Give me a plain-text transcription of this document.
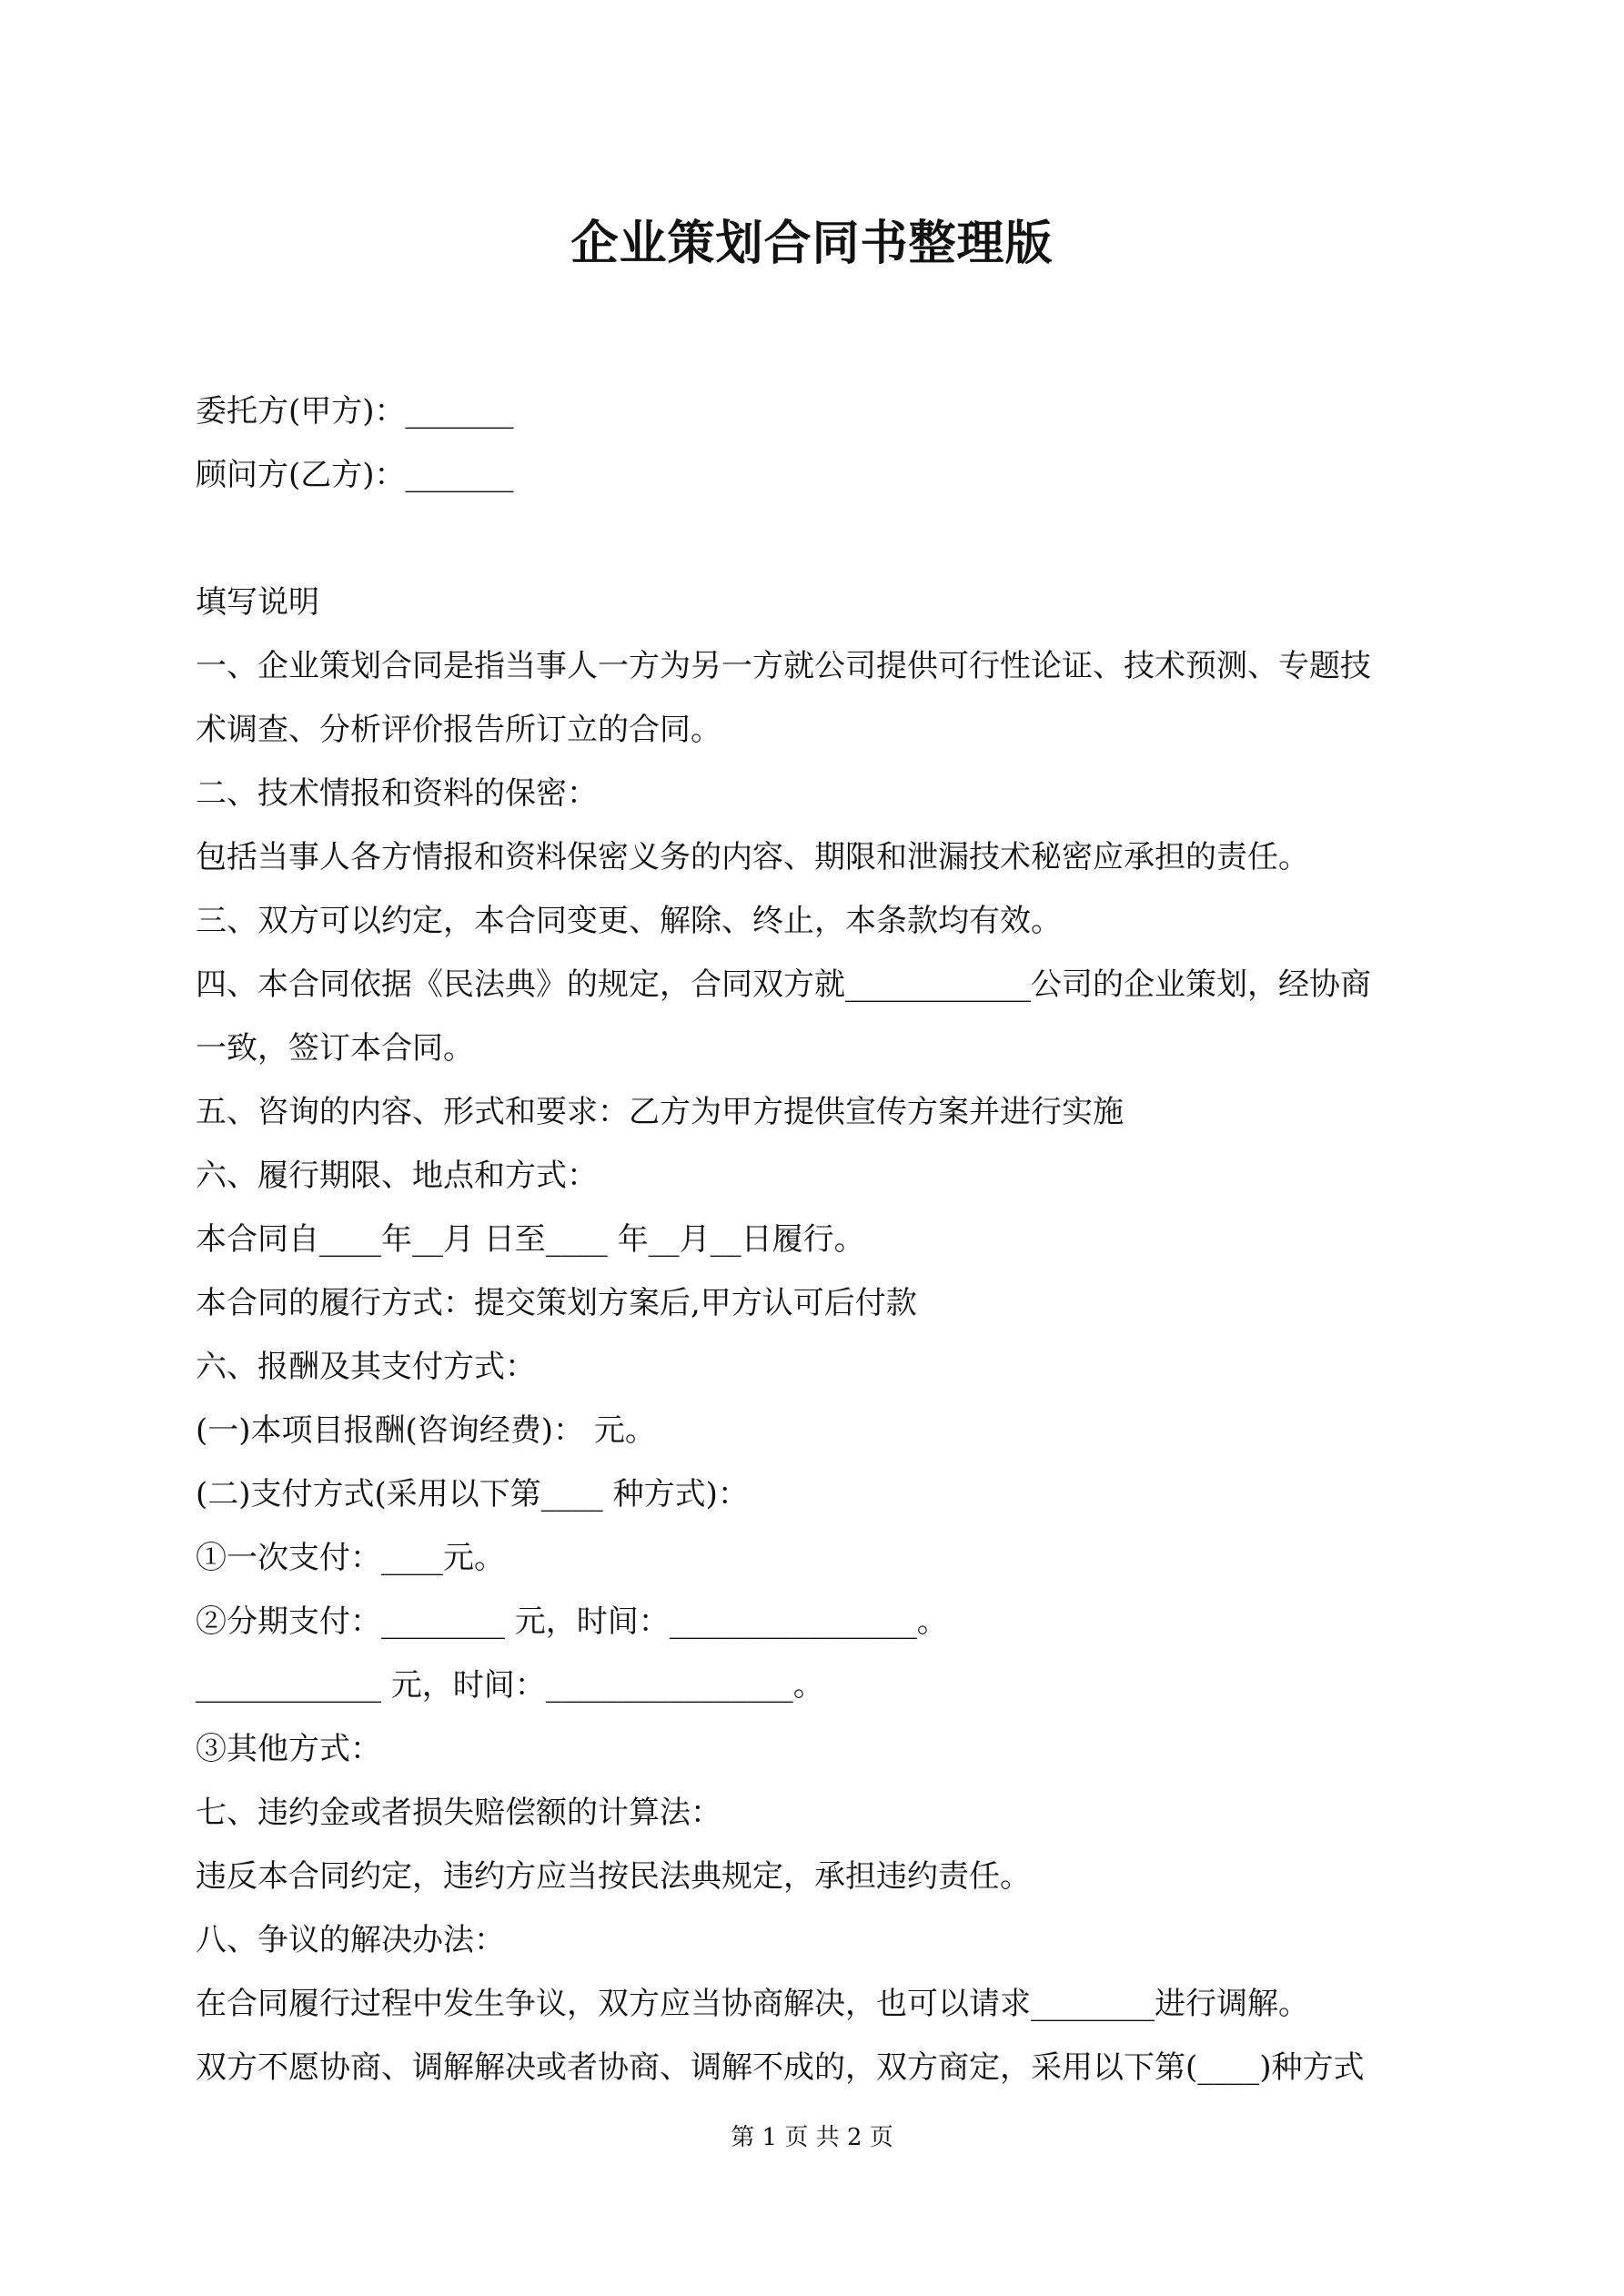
企业策划合同书整理版
委托方(甲方)：_______
顾问方(乙方)：_______
填写说明
一、企业策划合同是指当事人一方为另一方就公司提供可行性论证、技术预测、专题技
术调查、分析评价报告所订立的合同。
二、技术情报和资料的保密：
包括当事人各方情报和资料保密义务的内容、期限和泄漏技术秘密应承担的责任。
三、双方可以约定，本合同变更、解除、终止，本条款均有效。
四、本合同依据《民法典》的规定，合同双方就____________公司的企业策划，经协商
一致，签订本合同。
五、咨询的内容、形式和要求：乙方为甲方提供宣传方案并进行实施
六、履行期限、地点和方式：
本合同自____年__月 日至____ 年__月__日履行。
本合同的履行方式：提交策划方案后,甲方认可后付款
六、报酬及其支付方式：
(一)本项目报酬(咨询经费)： 元。
(二)支付方式(采用以下第____ 种方式)：
①一次支付：____元。
②分期支付：________ 元，时间：________________。
____________ 元，时间：________________。
③其他方式：
七、违约金或者损失赔偿额的计算法：
违反本合同约定，违约方应当按民法典规定，承担违约责任。
八、争议的解决办法：
在合同履行过程中发生争议，双方应当协商解决，也可以请求________进行调解。
双方不愿协商、调解解决或者协商、调解不成的，双方商定，采用以下第(____)种方式
第 1 页 共 2 页
